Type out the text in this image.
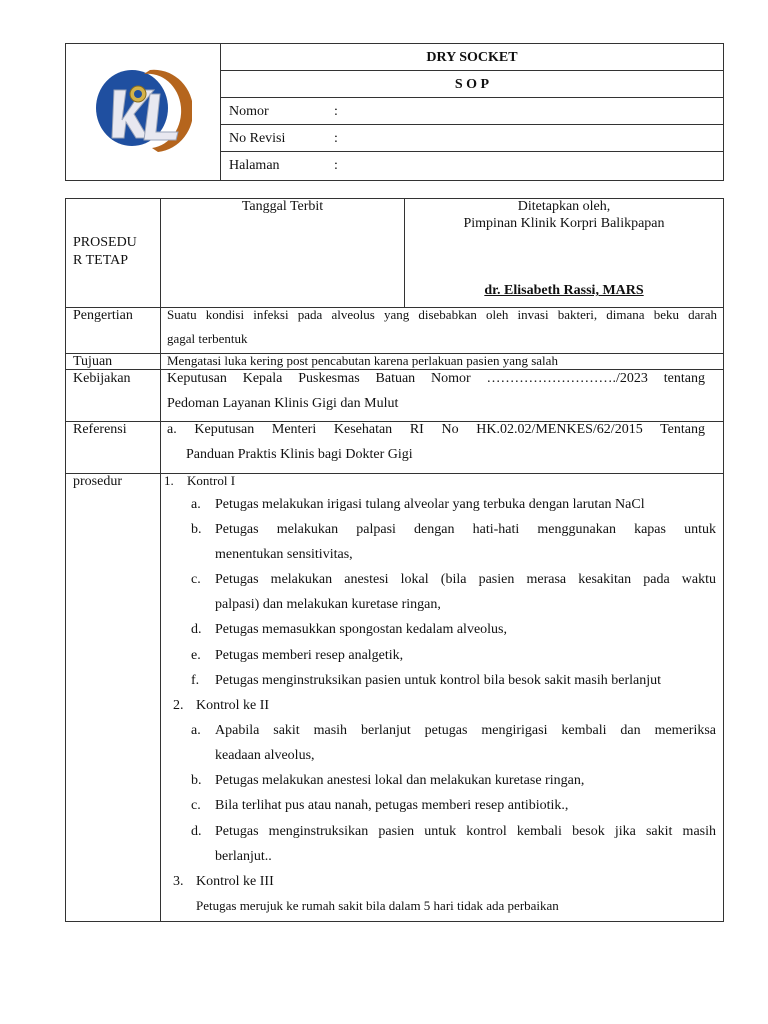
DRY SOCKET
S O P
Nomor	:
No Revisi	:
Halaman	:
PROSEDU
R TETAP
Tanggal Terbit	Ditetapkan oleh,
Pimpinan Klinik Korpri Balikpapan
dr. Elisabeth Rassi, MARS
Pengertian	Suatu kondisi infeksi pada alveolus yang disebabkan oleh invasi bakteri, dimana beku darah
gagal terbentuk
Tujuan	Mengatasi luka kering post pencabutan karena perlakuan pasien yang salah
Kebijakan	Keputusan Kepala Puskesmas Batuan Nomor ………………………./2023 tentang
Pedoman Layanan Klinis Gigi dan Mulut
Referensi	a. Keputusan Menteri Kesehatan RI No HK.02.02/MENKES/62/2015 Tentang
Panduan Praktis Klinis bagi Dokter Gigi
prosedur	1. Kontrol I
a. Petugas melakukan irigasi tulang alveolar yang terbuka dengan larutan NaCl
b. Petugas melakukan palpasi dengan hati-hati menggunakan kapas untuk
menentukan sensitivitas,
c. Petugas melakukan anestesi lokal (bila pasien merasa kesakitan pada waktu
palpasi) dan melakukan kuretase ringan,
d. Petugas memasukkan spongostan kedalam alveolus,
e. Petugas memberi resep analgetik,
f. Petugas menginstruksikan pasien untuk kontrol bila besok sakit masih berlanjut
2. Kontrol ke II
a. Apabila sakit masih berlanjut petugas mengirigasi kembali dan memeriksa
keadaan alveolus,
b. Petugas melakukan anestesi lokal dan melakukan kuretase ringan,
c. Bila terlihat pus atau nanah, petugas memberi resep antibiotik.,
d. Petugas menginstruksikan pasien untuk kontrol kembali besok jika sakit masih
berlanjut..
3. Kontrol ke III
Petugas merujuk ke rumah sakit bila dalam 5 hari tidak ada perbaikan
